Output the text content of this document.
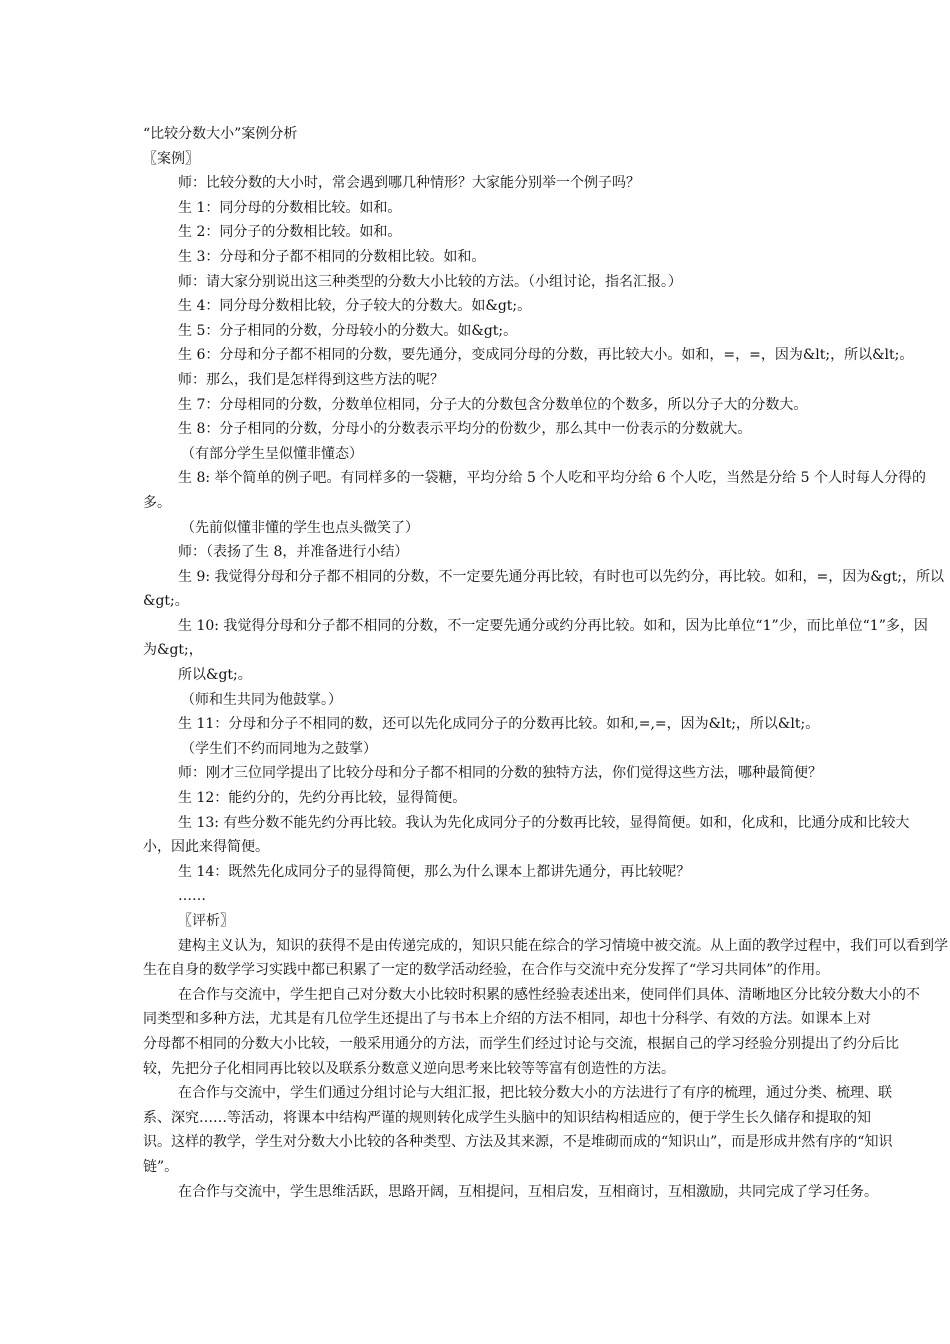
“比较分数大小”案例分析
〖案例〗
师：比较分数的大小时，常会遇到哪几种情形？大家能分别举一个例子吗？
生 1：同分母的分数相比较。如和。
生 2：同分子的分数相比较。如和。
生 3：分母和分子都不相同的分数相比较。如和。
师：请大家分别说出这三种类型的分数大小比较的方法。（小组讨论，指名汇报。）
生 4：同分母分数相比较，分子较大的分数大。如&gt;。
生 5：分子相同的分数，分母较小的分数大。如&gt;。
生 6：分母和分子都不相同的分数，要先通分，变成同分母的分数，再比较大小。如和，=，=，因为&lt;，所以&lt;。
师：那么，我们是怎样得到这些方法的呢？
生 7：分母相同的分数，分数单位相同，分子大的分数包含分数单位的个数多，所以分子大的分数大。
生 8：分子相同的分数，分母小的分数表示平均分的份数少，那么其中一份表示的分数就大。
（有部分学生呈似懂非懂态）
生 8: 举个简单的例子吧。有同样多的一袋糖，平均分给 5 个人吃和平均分给 6 个人吃，当然是分给 5 个人时每人分得的
多。
（先前似懂非懂的学生也点头微笑了）
师：（表扬了生 8，并准备进行小结）
生 9: 我觉得分母和分子都不相同的分数，不一定要先通分再比较，有时也可以先约分，再比较。如和，=，因为&gt;，所以
&gt;。
生 10: 我觉得分母和分子都不相同的分数，不一定要先通分或约分再比较。如和，因为比单位“1”少，而比单位“1”多，因
为&gt;，
所以&gt;。
（师和生共同为他鼓掌。）
生 11：分母和分子不相同的数，还可以先化成同分子的分数再比较。如和,=,=，因为&lt;，所以&lt;。
（学生们不约而同地为之鼓掌）
师：刚才三位同学提出了比较分母和分子都不相同的分数的独特方法，你们觉得这些方法，哪种最简便？
生 12：能约分的，先约分再比较，显得简便。
生 13: 有些分数不能先约分再比较。我认为先化成同分子的分数再比较，显得简便。如和，化成和，比通分成和比较大
小，因此来得简便。
生 14：既然先化成同分子的显得简便，那么为什么课本上都讲先通分，再比较呢？
……
〖评析〗
建构主义认为，知识的获得不是由传递完成的，知识只能在综合的学习情境中被交流。从上面的教学过程中，我们可以看到学
生在自身的数学学习实践中都已积累了一定的数学活动经验，在合作与交流中充分发挥了“学习共同体”的作用。
在合作与交流中，学生把自己对分数大小比较时积累的感性经验表述出来，使同伴们具体、清晰地区分比较分数大小的不
同类型和多种方法，尤其是有几位学生还提出了与书本上介绍的方法不相同，却也十分科学、有效的方法。如课本上对
分母都不相同的分数大小比较，一般采用通分的方法，而学生们经过讨论与交流，根据自己的学习经验分别提出了约分后比
较，先把分子化相同再比较以及联系分数意义逆向思考来比较等等富有创造性的方法。
在合作与交流中，学生们通过分组讨论与大组汇报，把比较分数大小的方法进行了有序的梳理，通过分类、梳理、联
系、深究……等活动，将课本中结构严谨的规则转化成学生头脑中的知识结构相适应的，便于学生长久储存和提取的知
识。这样的教学，学生对分数大小比较的各种类型、方法及其来源，不是堆砌而成的“知识山”，而是形成井然有序的“知识
链”。
在合作与交流中，学生思维活跃，思路开阔，互相提问，互相启发，互相商讨，互相激励，共同完成了学习任务。
